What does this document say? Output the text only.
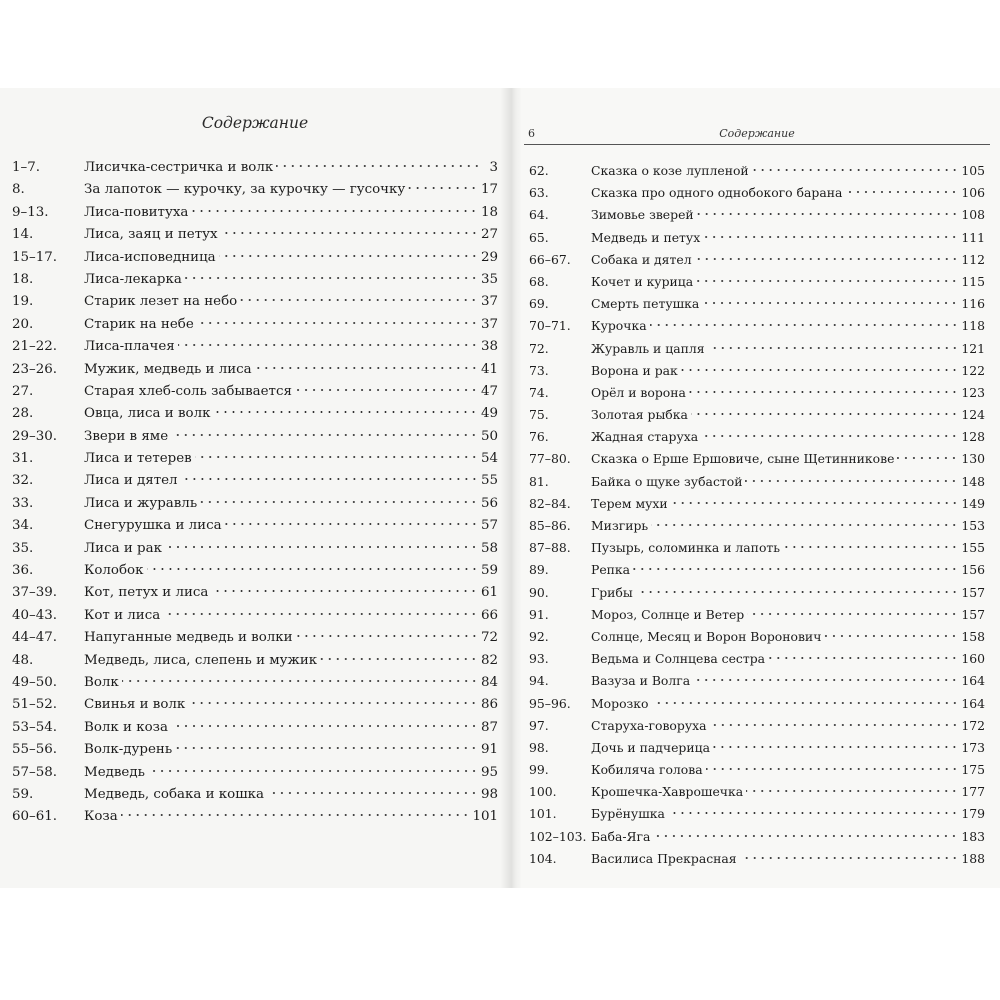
Содержание
6	Содержание
1–7.	Лисичка-сестричка и волк	3
8.	За лапоток — курочку, за курочку — гусочку	17
9–13.	Лиса-повитуха	18
14.	Лиса, заяц и петух	27
15–17.	Лиса-исповедница	29
18.	Лиса-лекарка	35
19.	Старик лезет на небо	37
20.	Старик на небе	37
21–22.	Лиса-плачея	38
23–26.	Мужик, медведь и лиса	41
27.	Старая хлеб-соль забывается	47
28.	Овца, лиса и волк	49
29–30.	Звери в яме	50
31.	Лиса и тетерев	54
32.	Лиса и дятел	55
33.	Лиса и журавль	56
34.	Снегурушка и лиса	57
35.	Лиса и рак	58
36.	Колобок	59
37–39.	Кот, петух и лиса	61
40–43.	Кот и лиса	66
44–47.	Напуганные медведь и волки	72
48.	Медведь, лиса, слепень и мужик	82
49–50.	Волк	84
51–52.	Свинья и волк	86
53–54.	Волк и коза	87
55–56.	Волк-дурень	91
57–58.	Медведь	95
59.	Медведь, собака и кошка	98
60–61.	Коза	101
62.	Сказка о козе лупленой	105
63.	Сказка про одного однобокого барана	106
64.	Зимовье зверей	108
65.	Медведь и петух	111
66–67.	Собака и дятел	112
68.	Кочет и курица	115
69.	Смерть петушка	116
70–71.	Курочка	118
72.	Журавль и цапля	121
73.	Ворона и рак	122
74.	Орёл и ворона	123
75.	Золотая рыбка	124
76.	Жадная старуха	128
77–80.	Сказка о Ерше Ершовиче, сыне Щетинникове	130
81.	Байка о щуке зубастой	148
82–84.	Терем мухи	149
85–86.	Мизгирь	153
87–88.	Пузырь, соломинка и лапоть	155
89.	Репка	156
90.	Грибы	157
91.	Мороз, Солнце и Ветер	157
92.	Солнце, Месяц и Ворон Воронович	158
93.	Ведьма и Солнцева сестра	160
94.	Вазуза и Волга	164
95–96.	Морозко	164
97.	Старуха-говоруха	172
98.	Дочь и падчерица	173
99.	Кобиляча голова	175
100.	Крошечка-Хаврошечка	177
101.	Бурёнушка	179
102–103. Баба-Яга	183
104.	Василиса Прекрасная	188
